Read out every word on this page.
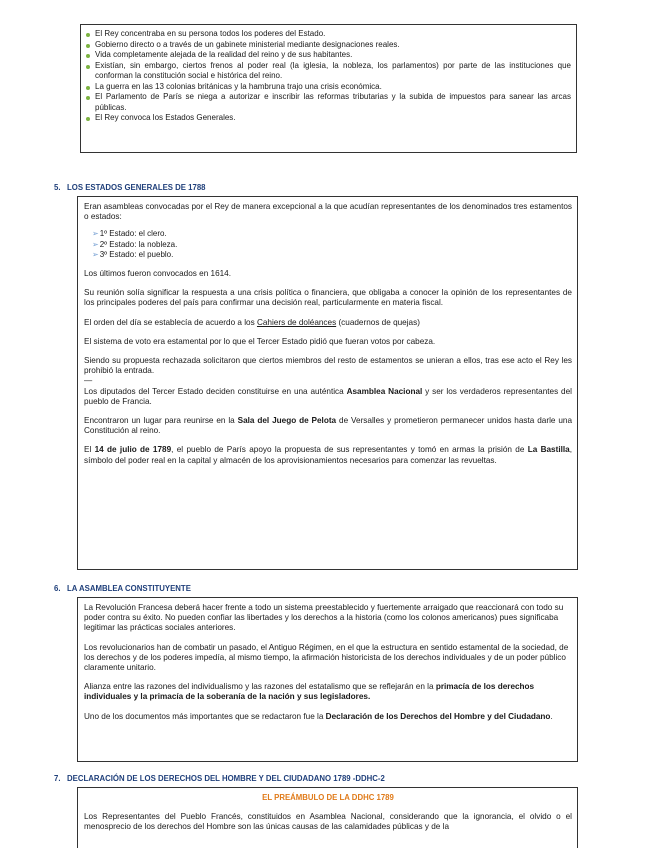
El Rey concentraba en su persona todos los poderes del Estado.
Gobierno directo o a través de un gabinete ministerial mediante designaciones reales.
Vida completamente alejada de la realidad del reino y de sus habitantes.
Existían, sin embargo, ciertos frenos al poder real (la iglesia, la nobleza, los parlamentos) por parte de las instituciones que conforman la constitución social e histórica del reino.
La guerra en las 13 colonias británicas y la hambruna trajo una crisis económica.
El Parlamento de París se niega a autorizar e inscribir las reformas tributarias y la subida de impuestos para sanear las arcas públicas.
El Rey convoca los Estados Generales.
5. LOS ESTADOS GENERALES DE 1788

Eran asambleas convocadas por el Rey de manera excepcional a la que acudían representantes de los denominados tres estamentos o estados:

➢1º Estado: el clero.
➢2º Estado: la nobleza.
➢3º Estado: el pueblo.

Los últimos fueron convocados en 1614.

Su reunión solía significar la respuesta a una crisis política o financiera, que obligaba a conocer la opinión de los representantes de los principales poderes del país para confirmar una decisión real, particularmente en materia fiscal.

El orden del día se establecía de acuerdo a los Cahiers de doléances (cuadernos de quejas)

El sistema de voto era estamental por lo que el Tercer Estado pidió que fueran votos por cabeza.

Siendo su propuesta rechazada solicitaron que ciertos miembros del resto de estamentos se unieran a ellos, tras ese acto el Rey les prohibió la entrada.

—

Los diputados del Tercer Estado deciden constituirse en una auténtica Asamblea Nacional y ser los verdaderos representantes del pueblo de Francia.

Encontraron un lugar para reunirse en la Sala del Juego de Pelota de Versalles y prometieron permanecer unidos hasta darle una Constitución al reino.

El 14 de julio de 1789, el pueblo de París apoyo la propuesta de sus representantes y tomó en armas la prisión de La Bastilla, símbolo del poder real en la capital y almacén de los aprovisionamientos necesarios para comenzar las revueltas.

6. LA ASAMBLEA CONSTITUYENTE

La Revolución Francesa deberá hacer frente a todo un sistema preestablecido y fuertemente arraigado que reaccionará con todo su poder contra su éxito. No pueden confiar las libertades y los derechos a la historia (como los colonos americanos) pues significaba legitimar las prácticas sociales anteriores.

Los revolucionarios han de combatir un pasado, el Antiguo Régimen, en el que la estructura en sentido estamental de la sociedad, de los derechos y de los poderes impedía, al mismo tiempo, la afirmación historicista de los derechos individuales y de un poder público claramente unitario.

Alianza entre las razones del individualismo y las razones del estatalismo que se reflejarán en la primacía de los derechos individuales y la primacía de la soberanía de la nación y sus legisladores.

Uno de los documentos más importantes que se redactaron fue la Declaración de los Derechos del Hombre y del Ciudadano.

7. DECLARACIÓN DE LOS DERECHOS DEL HOMBRE Y DEL CIUDADANO 1789 -DDHC-2

EL PREÁMBULO DE LA DDHC 1789

Los Representantes del Pueblo Francés, constituidos en Asamblea Nacional, considerando que la ignorancia, el olvido o el menosprecio de los derechos del Hombre son las únicas causas de las calamidades públicas y de la
